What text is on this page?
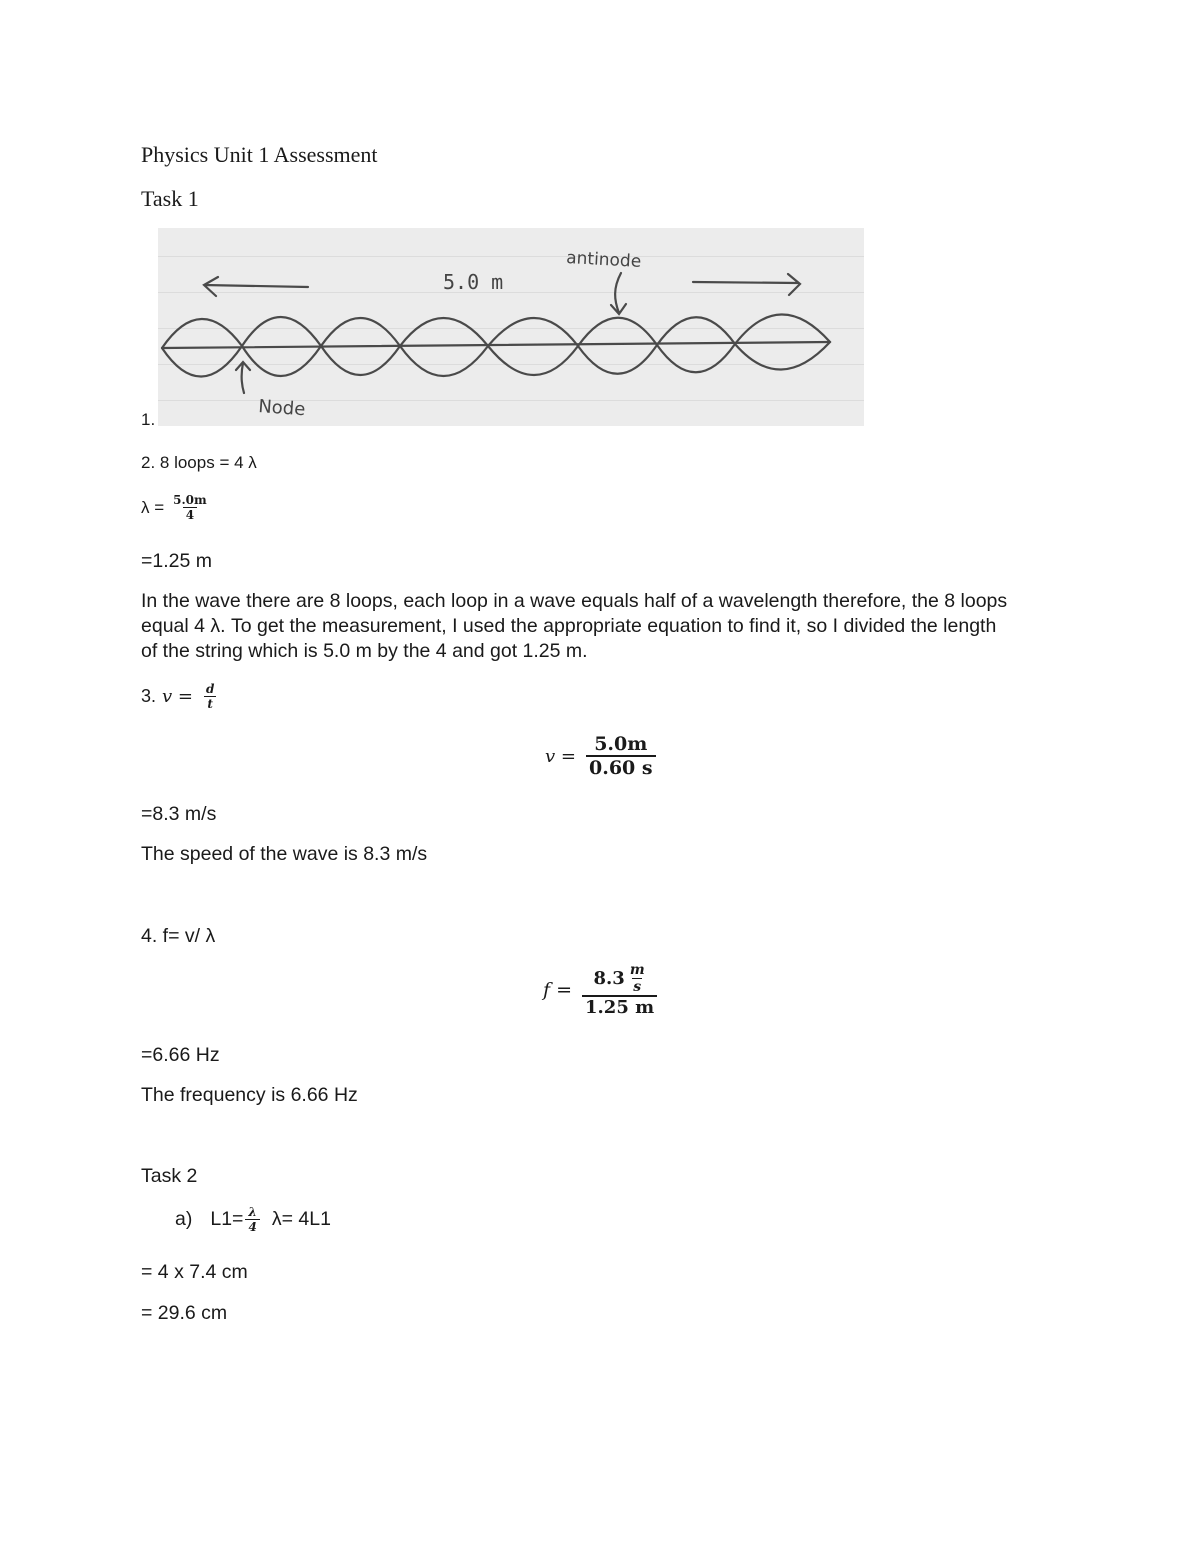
Physics Unit 1 Assessment
Task 1
1.
5.0 m
antinode
Node
2. 8 loops = 4 λ
$\lambda = \frac{5.0m}{4}$
=1.25 m
In the wave there are 8 loops, each loop in a wave equals half of a wavelength therefore, the 8 loops
equal 4 λ. To get the measurement, I used the appropriate equation to find it, so I divided the length
of the string which is 5.0 m by the 4 and got 1.25 m.
3. $v = \frac{d}{t}$
$v = \frac{5.0m}{0.60 s}$
=8.3 m/s
The speed of the wave is 8.3 m/s
4. f= v/ λ
$f = \frac{8.3 \frac{m}{s}}{1.25 m}$
=6.66 Hz
The frequency is 6.66 Hz
Task 2
a) $L1= \frac{\lambda}{4} \lambda= 4L1$
= 4 x 7.4 cm
= 29.6 cm
